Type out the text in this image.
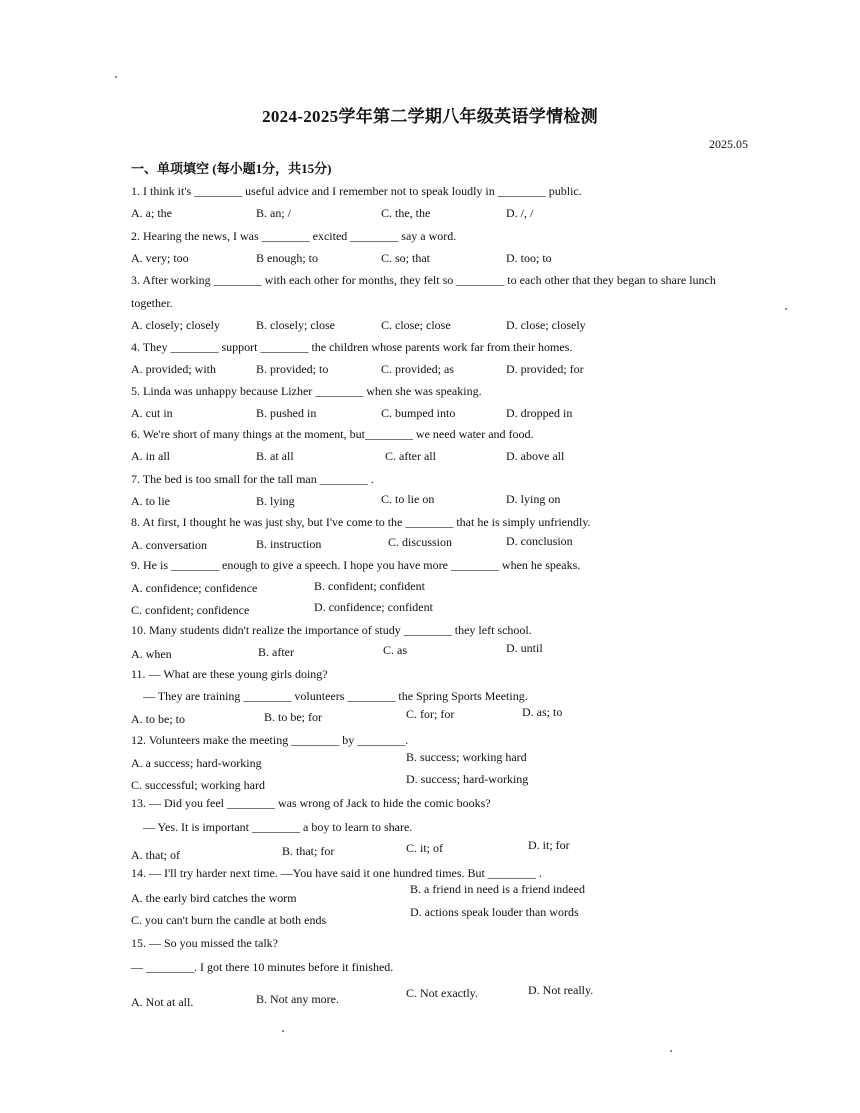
2024-2025学年第二学期八年级英语学情检测
2025.05
一、单项填空 (每小题1分，共15分)
1. I think it's ________ useful advice and I remember not to speak loudly in ________ public.
A. a; the	B. an; /	C. the, the	D. /, /
2. Hearing the news, I was ________ excited ________ say a word.
A. very; too	B enough; to	C. so; that	D. too; to
3. After working ________ with each other for months, they felt so ________ to each other that they began to share lunch
together.
A. closely; closely	B. closely; close	C. close; close	D. close; closely
4. They ________ support ________ the children whose parents work far from their homes.
A. provided; with	B. provided; to	C. provided; as	D. provided; for
5. Linda was unhappy because Lizher ________ when she was speaking.
A. cut in	B. pushed in	C. bumped into	D. dropped in
6. We're short of many things at the moment, but________ we need water and food.
A. in all	B. at all	C. after all	D. above all
7. The bed is too small for the tall man ________ .
A. to lie	B. lying	C. to lie on	D. lying on
8. At first, I thought he was just shy, but I've come to the ________ that he is simply unfriendly.
A. conversation	B. instruction	C. discussion	D. conclusion
9. He is ________ enough to give a speech. I hope you have more ________ when he speaks.
A. confidence; confidence	B. confident; confident
C. confident; confidence	D. confidence; confident
10. Many students didn't realize the importance of study ________ they left school.
A. when	B. after	C. as	D. until
11. — What are these young girls doing?
— They are training ________ volunteers ________ the Spring Sports Meeting.
A. to be; to	B. to be; for	C. for; for	D. as; to
12. Volunteers make the meeting ________ by ________.
A. a success; hard-working	B. success; working hard
C. successful; working hard	D. success; hard-working
13. — Did you feel ________ was wrong of Jack to hide the comic books?
— Yes. It is important ________ a boy to learn to share.
A. that; of	B. that; for	C. it; of	D. it; for
14. — I'll try harder next time. —You have said it one hundred times. But ________ .
A. the early bird catches the worm
B. a friend in need is a friend indeed
C. you can't burn the candle at both ends
D. actions speak louder than words
15. — So you missed the talk?
— ________. I got there 10 minutes before it finished.
A. Not at all.	B. Not any more.	C. Not exactly.	D. Not really.
